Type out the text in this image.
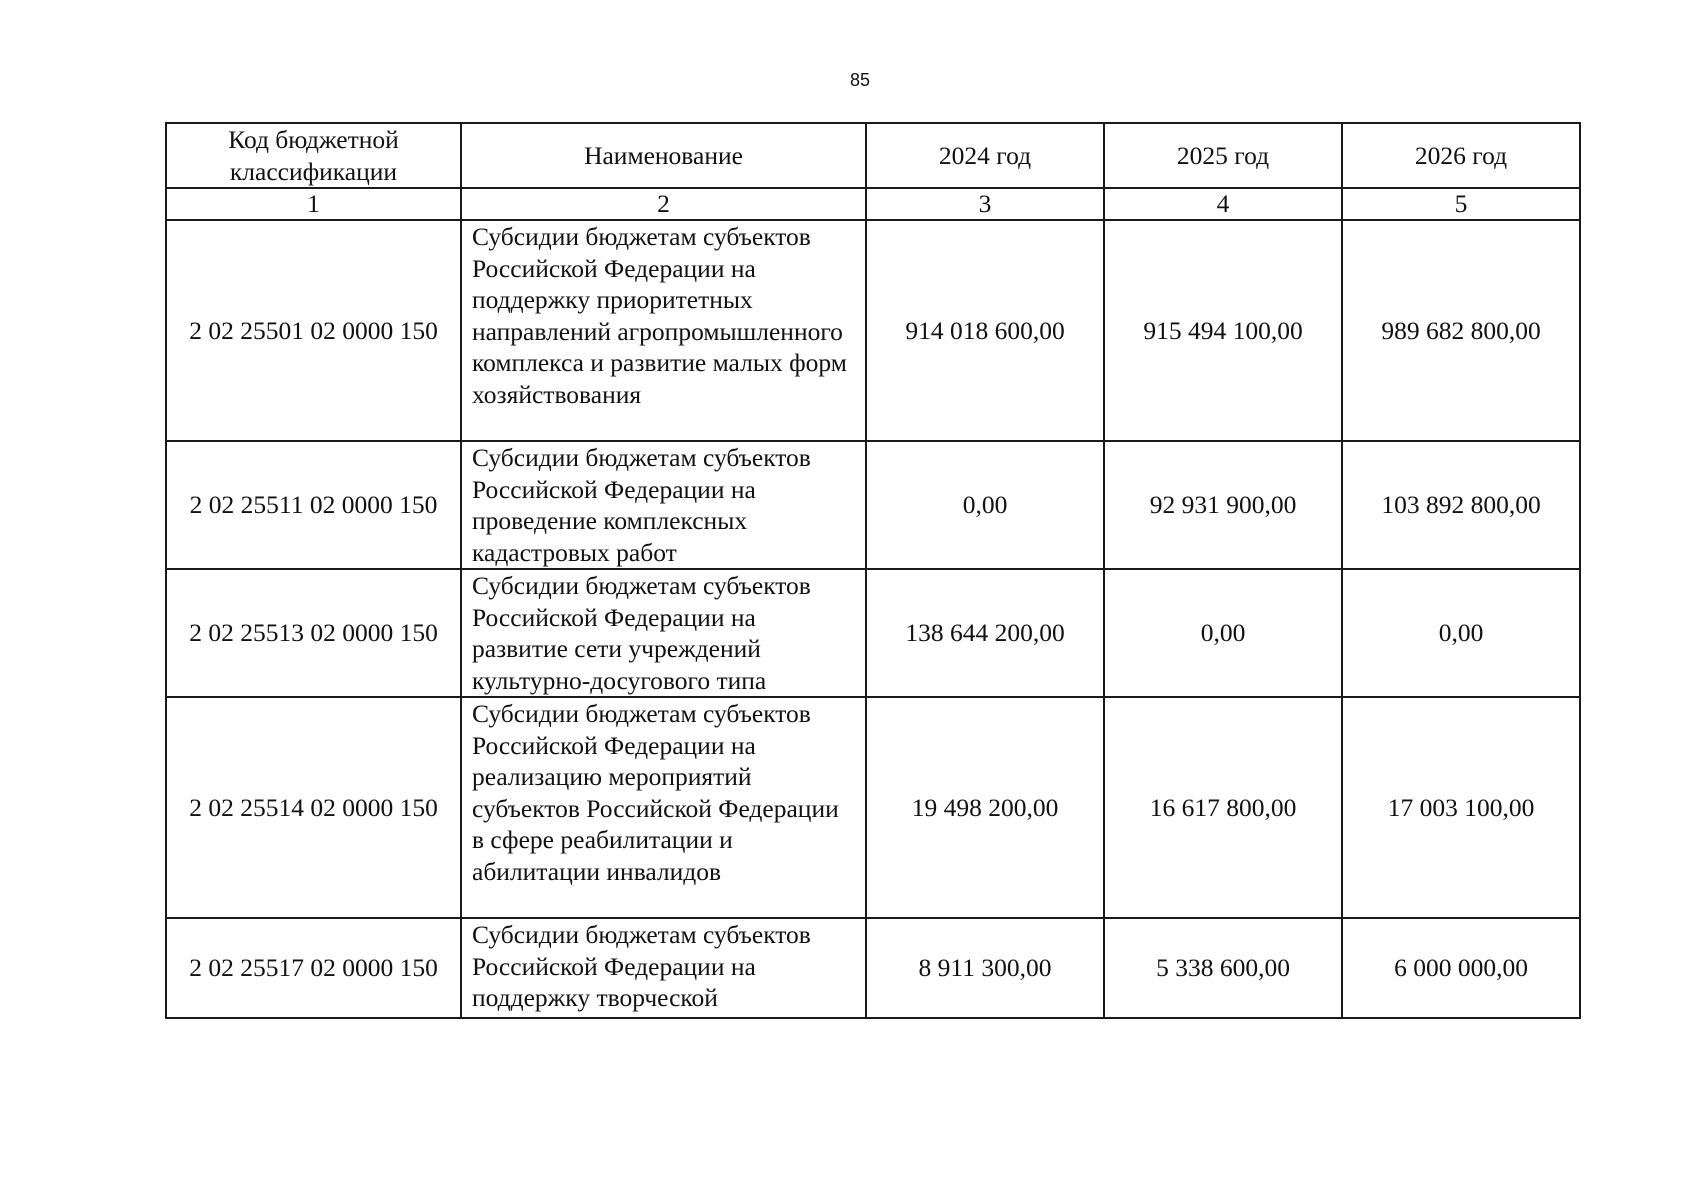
85
Код бюджетной классификации	Наименование	2024 год	2025 год	2026 год
1	2	3	4	5
2 02 25501 02 0000 150	Субсидии бюджетам субъектов Российской Федерации на поддержку приоритетных направлений агропромышленного комплекса и развитие малых форм хозяйствования	914 018 600,00	915 494 100,00	989 682 800,00
2 02 25511 02 0000 150	Субсидии бюджетам субъектов Российской Федерации на проведение комплексных кадастровых работ	0,00	92 931 900,00	103 892 800,00
2 02 25513 02 0000 150	Субсидии бюджетам субъектов Российской Федерации на развитие сети учреждений культурно-досугового типа	138 644 200,00	0,00	0,00
2 02 25514 02 0000 150	Субсидии бюджетам субъектов Российской Федерации на реализацию мероприятий субъектов Российской Федерации в сфере реабилитации и абилитации инвалидов	19 498 200,00	16 617 800,00	17 003 100,00
2 02 25517 02 0000 150	Субсидии бюджетам субъектов Российской Федерации на поддержку творческой	8 911 300,00	5 338 600,00	6 000 000,00
